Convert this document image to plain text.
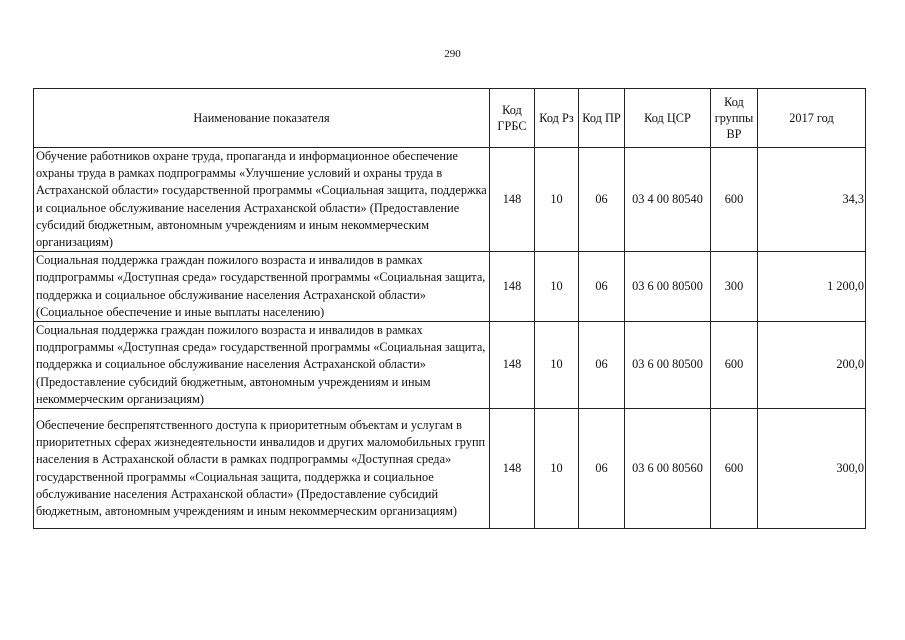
290
Наименование показателя	Код ГРБС	Код Рз	Код ПР	Код ЦСР	Код группы ВР	2017 год
Обучение работников охране труда, пропаганда и информационное обеспечение охраны труда в рамках подпрограммы «Улучшение условий и охраны труда в Астраханской области» государственной программы «Социальная защита, поддержка и социальное обслуживание населения Астраханской области» (Предоставление субсидий бюджетным, автономным учреждениям и иным некоммерческим организациям)	148	10	06	03 4 00 80540	600	34,3
Социальная поддержка граждан пожилого возраста и инвалидов в рамках подпрограммы «Доступная среда» государственной программы «Социальная защита, поддержка и социальное обслуживание населения Астраханской области» (Социальное обеспечение и иные выплаты населению)	148	10	06	03 6 00 80500	300	1 200,0
Социальная поддержка граждан пожилого возраста и инвалидов в рамках подпрограммы «Доступная среда» государственной программы «Социальная защита, поддержка и социальное обслуживание населения Астраханской области» (Предоставление субсидий бюджетным, автономным учреждениям и иным некоммерческим организациям)	148	10	06	03 6 00 80500	600	200,0
Обеспечение беспрепятственного доступа к приоритетным объектам и услугам в приоритетных сферах жизнедеятельности инвалидов и других маломобильных групп населения в Астраханской области в рамках подпрограммы «Доступная среда» государственной программы «Социальная защита, поддержка и социальное обслуживание населения Астраханской области» (Предоставление субсидий бюджетным, автономным учреждениям и иным некоммерческим организациям)	148	10	06	03 6 00 80560	600	300,0
